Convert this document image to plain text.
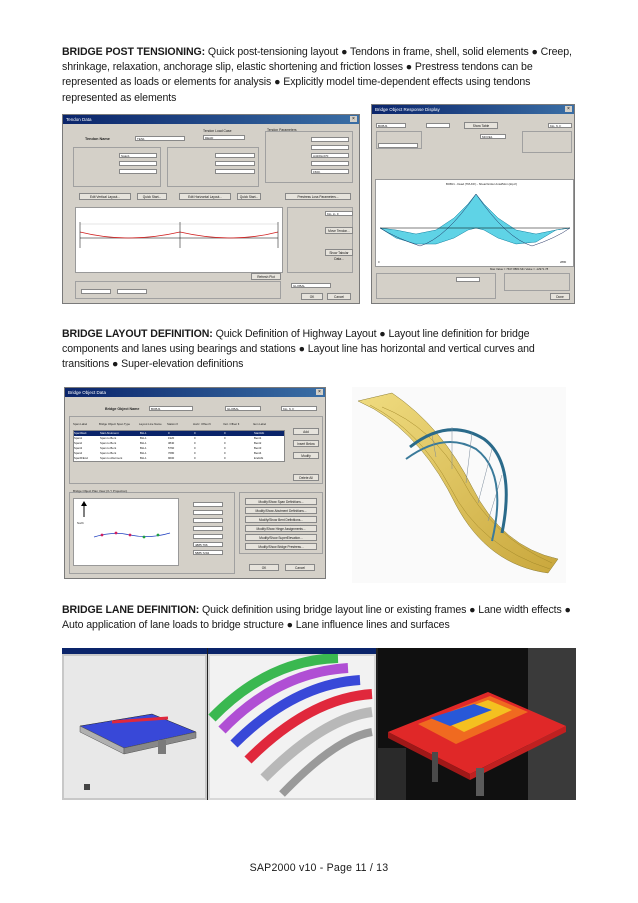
BRIDGE POST TENSIONING: Quick post-tensioning layout ● Tendons in frame, shell, solid elements ● Creep, shrinkage, relaxation, anchorage slip, elastic shortening and friction losses ● Prestress tendons can be represented as loads or elements for analysis ● Explicitly model time-dependent effects using tendons represented as elements
Tendon Data	×
Tendon Name	TEN1
Tendon Load Case
DEAD
Tendon Parameters
A416Gr270
1500.
Span1
Edit Vertical Layout...	Quick Start...	Edit Horizontal Layout...	Quick Start...	Prestress Loss Parameters...
Refresh Plot
Kip, in, F
Move Tendon...
Show Tabular Data...
GLOBAL
OK	Cancel
Bridge Object Response Display	×
BOBJ1	Show Table	Kip, ft, F
MOVE1
BOBJ1 - Dead (TRUCK) - Shear/Girder Axial/Mom [kip-ft]
0	2880
Max Value = 7637.8884 Min Value = -12971.78
Done
BRIDGE LAYOUT DEFINITION: Quick Definition of Highway Layout ● Layout line definition for bridge components and lanes using bearings and stations ● Layout line has horizontal and vertical curves and transitions ● Super-elevation definitions
Bridge Object Data	×
Bridge Object Name	BOBJ1	GLOBAL	Kip, ft, F
Span Label	Bridge Object Span Type	Layout Line Name	Station ft	Horiz. Offset ft	Vert. Offset ft	Item Label
SpanStart	Start Abutment	BLL1	0	0	0	StartAbt
Span1	Span to Bent	BLL1	1920	0	0	Bent1
Span2	Span to Bent	BLL1	3840	0	0	Bent2
Span3	Span to Bent	BLL1	5760	0	0	Bent3
Span4	Span to Bent	BLL1	7680	0	0	Bent4
Span5/End	Span to Abutment	BLL1	9600	0	0	EndAbt
Add
Insert Below
Modify
Delete All
Bridge Object Plan View (X-Y Projection)
North
4885.796
5885.7294
Modify/Show Span Definitions...
Modify/Show Abutment Definitions...
Modify/Show Bent Definitions...
Modify/Show Hinge Assignments...
Modify/Show SuperElevation...
Modify/Show Bridge Prestress...
OK	Cancel
BRIDGE LANE DEFINITION: Quick definition using bridge layout line or existing frames ● Lane width effects ● Auto application of lane loads to bridge structure ● Lane influence lines and surfaces
SAP2000 v10 - Page 11 / 13
